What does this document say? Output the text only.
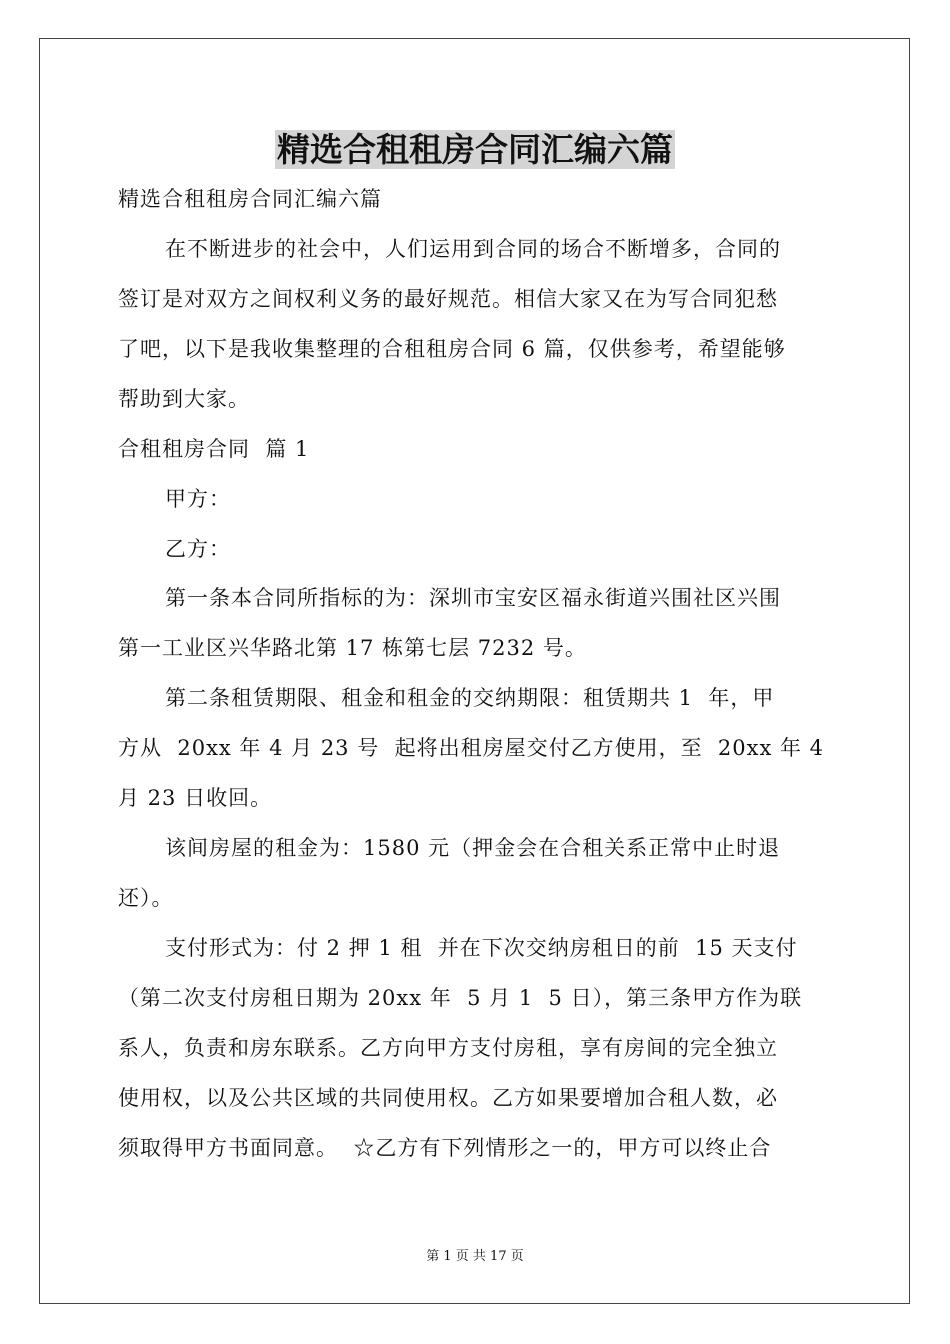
精选合租租房合同汇编六篇
精选合租租房合同汇编六篇
在不断进步的社会中，人们运用到合同的场合不断增多，合同的
签订是对双方之间权利义务的最好规范。相信大家又在为写合同犯愁
了吧，以下是我收集整理的合租租房合同 6 篇，仅供参考，希望能够
帮助到大家。
合租租房合同  篇 1
甲方：
乙方：
第一条本合同所指标的为：深圳市宝安区福永街道兴围社区兴围
第一工业区兴华路北第 17 栋第七层 7232 号。
第二条租赁期限、租金和租金的交纳期限：租赁期共 1  年，甲
方从  20xx 年 4 月 23 号  起将出租房屋交付乙方使用，至  20xx 年 4
月 23 日收回。
该间房屋的租金为：1580 元（押金会在合租关系正常中止时退
还）。
支付形式为：付 2 押 1 租  并在下次交纳房租日的前  15 天支付
（第二次支付房租日期为 20xx 年  5 月 1  5 日），第三条甲方作为联
系人，负责和房东联系。乙方向甲方支付房租，享有房间的完全独立
使用权，以及公共区域的共同使用权。乙方如果要增加合租人数，必
须取得甲方书面同意。  ☆乙方有下列情形之一的，甲方可以终止合
第 1 页 共 17 页
